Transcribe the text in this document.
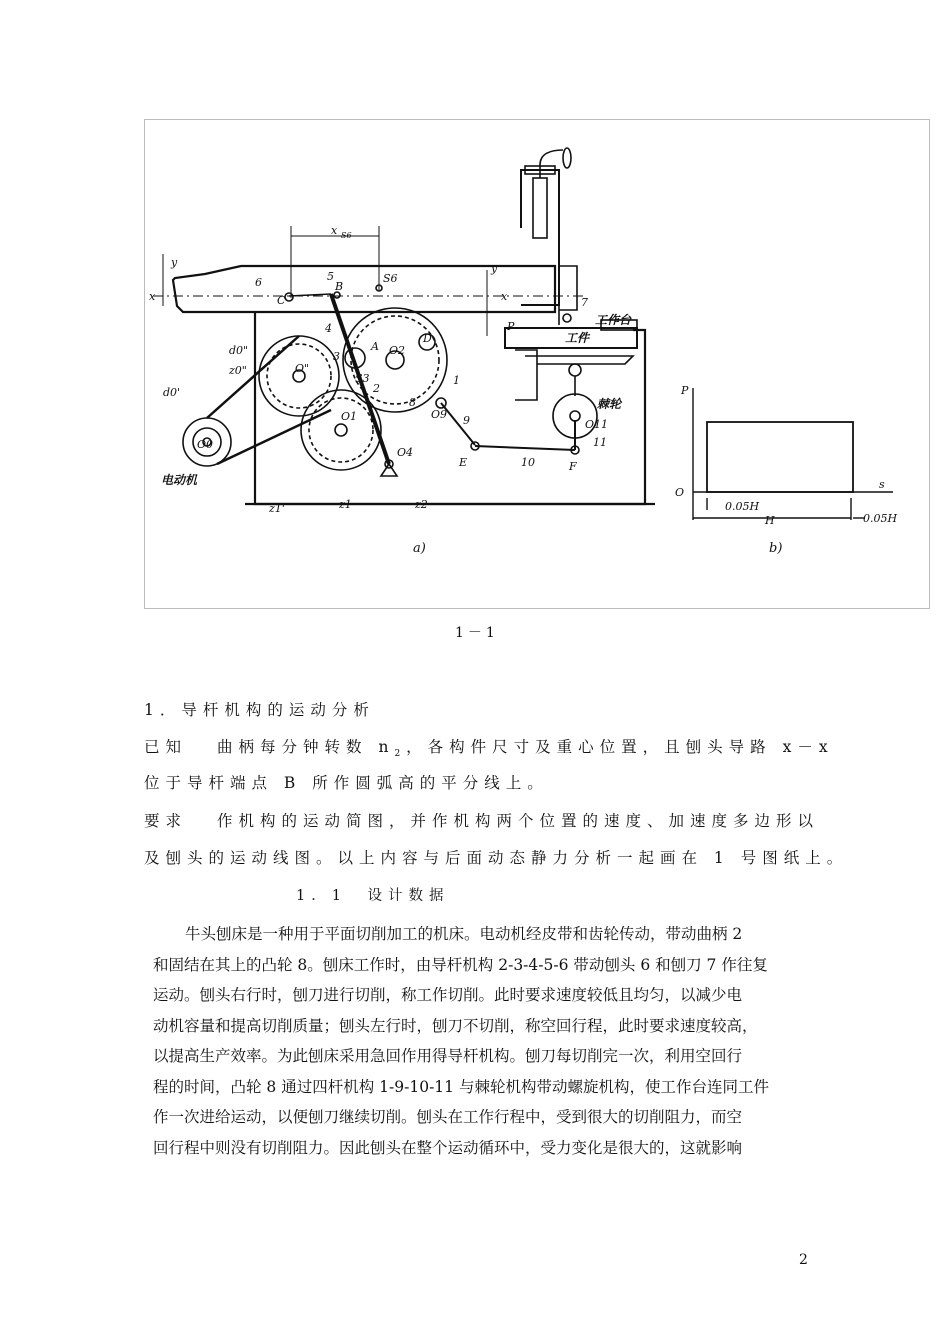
x S6
y
x	x
y
6	5	S6
C
B
4
3
A O2
D
S3
2
8
1
O9 9
E	10	F
11
O11
7
P	工作台
工件
棘轮
d0"
z0"	O"
d0'
O0
O1
O4
电动机
z1'	z1	z2
a)	b)
P
s
O
0.05H
H	0.05H
1－1
1．导杆机构的运动分析
已知 曲柄每分钟转数 $n_2$，各构件尺寸及重心位置，且刨头导路 x－x
位于导杆端点 B 所作圆弧高的平分线上。
要求 作机构的运动简图，并作机构两个位置的速度、加速度多边形以
及刨头的运动线图。以上内容与后面动态静力分析一起画在 1 号图纸上。
1．1　设计数据
牛头刨床是一种用于平面切削加工的机床。电动机经皮带和齿轮传动，带动曲柄 2
和固结在其上的凸轮 8。刨床工作时，由导杆机构 2-3-4-5-6 带动刨头 6 和刨刀 7 作往复
运动。刨头右行时，刨刀进行切削，称工作切削。此时要求速度较低且均匀，以减少电
动机容量和提高切削质量；刨头左行时，刨刀不切削，称空回行程，此时要求速度较高，
以提高生产效率。为此刨床采用急回作用得导杆机构。刨刀每切削完一次，利用空回行
程的时间，凸轮 8 通过四杆机构 1-9-10-11 与棘轮机构带动螺旋机构，使工作台连同工件
作一次进给运动，以便刨刀继续切削。刨头在工作行程中，受到很大的切削阻力，而空
回行程中则没有切削阻力。因此刨头在整个运动循环中，受力变化是很大的，这就影响
2
